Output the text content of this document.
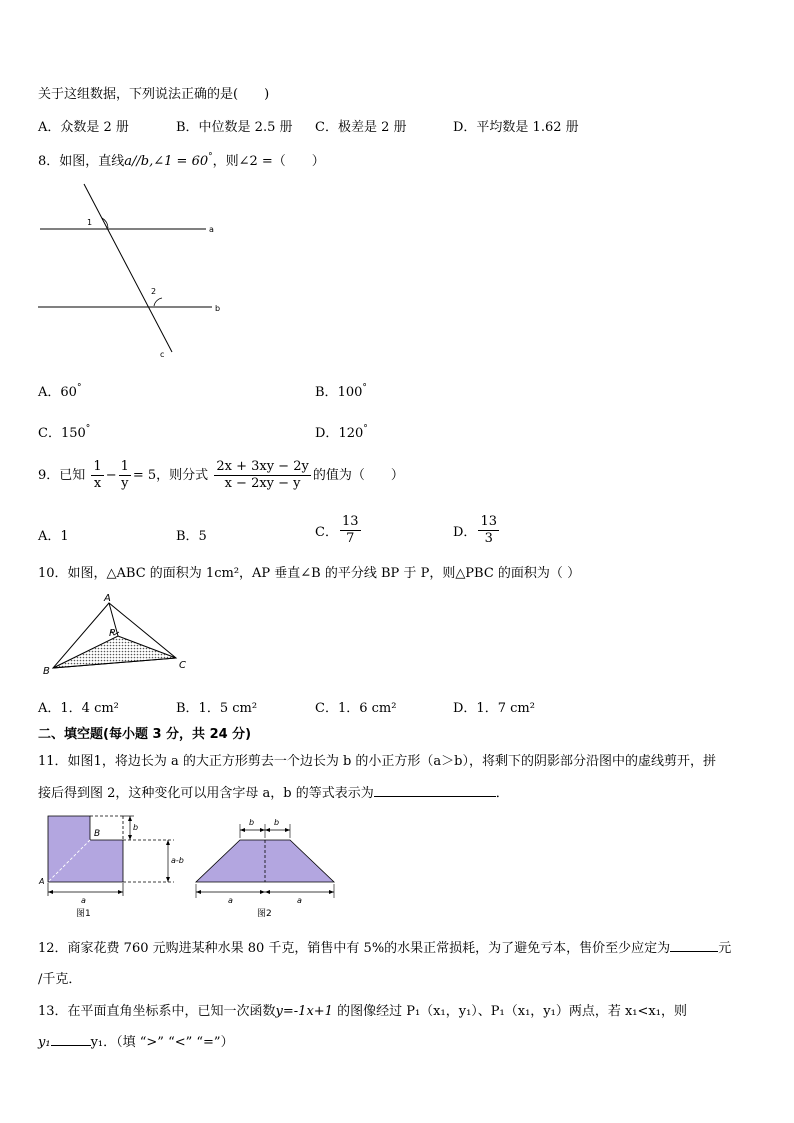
关于这组数据，下列说法正确的是(　　)
A．众数是 2 册	B．中位数是 2.5 册 C．极差是 2 册	D．平均数是 1.62 册
8．如图，直线a//b,∠1 = 60°，则∠2 =（　　）
1
2
a
b
c
A．60°	B．100°
C．150°	D．120°
9．已知 $\frac{1}{x} - \frac{1}{y} = 5$，则分式 $\frac{2x + 3xy - 2y}{x - 2xy - y}$ 的值为（　　）
A．1	B．5	C． $\frac{13}{7}$	D． $\frac{13}{3}$
10．如图，△ABC 的面积为 1cm²，AP 垂直∠B 的平分线 BP 于 P，则△PBC 的面积为（ ）
A
B
C
P
A．1．4 cm²	B．1．5 cm²	C．1．6 cm²	D．1．7 cm²
二、填空题(每小题 3 分，共 24 分)
11．如图1，将边长为 a 的大正方形剪去一个边长为 b 的小正方形（a＞b），将剩下的阴影部分沿图中的虚线剪开，拼
接后得到图 2，这种变化可以用含字母 a，b 的等式表示为	．
b
a-b
a
A
B
图1
b b
a	a
图2
12．商家花费 760 元购进某种水果 80 千克，销售中有 5%的水果正常损耗，为了避免亏本，售价至少应定为	元
/千克．
13．在平面直角坐标系中，已知一次函数y=-1x+1 的图像经过 P₁（x₁，y₁）、P₁（x₁，y₁）两点，若 x₁<x₁，则
y₁	y₁．（填 “>” “<” “=”）
